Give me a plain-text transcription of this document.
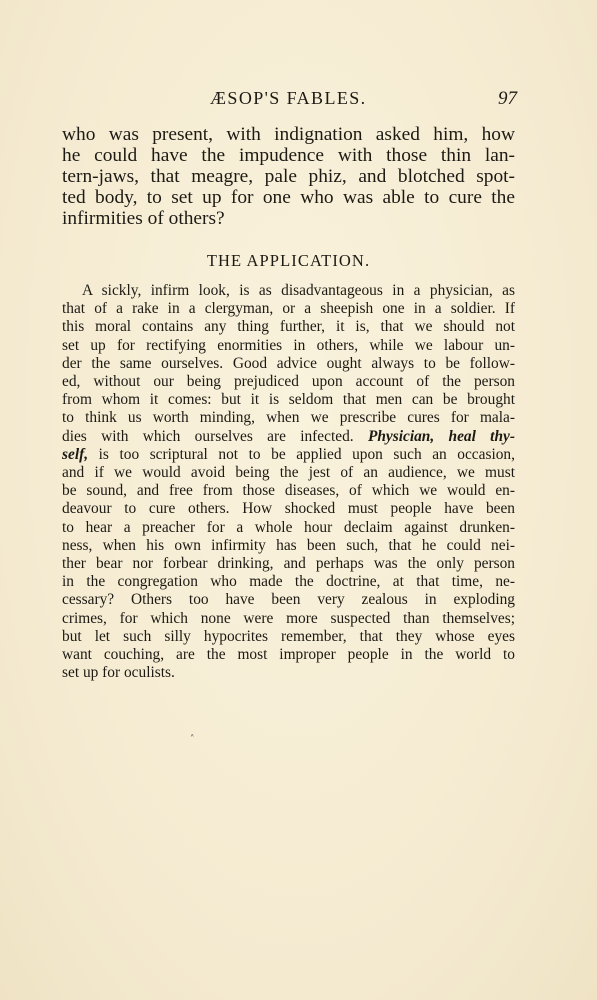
ÆSOP'S FABLES.	97
who was present, with indignation asked him, how
he could have the impudence with those thin lan-
tern-jaws, that meagre, pale phiz, and blotched spot-
ted body, to set up for one who was able to cure the
infirmities of others?
THE APPLICATION.
A sickly, infirm look, is as disadvantageous in a physician, as
that of a rake in a clergyman, or a sheepish one in a soldier. If
this moral contains any thing further, it is, that we should not
set up for rectifying enormities in others, while we labour un-
der the same ourselves. Good advice ought always to be follow-
ed, without our being prejudiced upon account of the person
from whom it comes: but it is seldom that men can be brought
to think us worth minding, when we prescribe cures for mala-
dies with which ourselves are infected. Physician, heal thy-
self, is too scriptural not to be applied upon such an occasion,
and if we would avoid being the jest of an audience, we must
be sound, and free from those diseases, of which we would en-
deavour to cure others. How shocked must people have been
to hear a preacher for a whole hour declaim against drunken-
ness, when his own infirmity has been such, that he could nei-
ther bear nor forbear drinking, and perhaps was the only person
in the congregation who made the doctrine, at that time, ne-
cessary? Others too have been very zealous in exploding
crimes, for which none were more suspected than themselves;
but let such silly hypocrites remember, that they whose eyes
want couching, are the most improper people in the world to
set up for oculists.
˄
